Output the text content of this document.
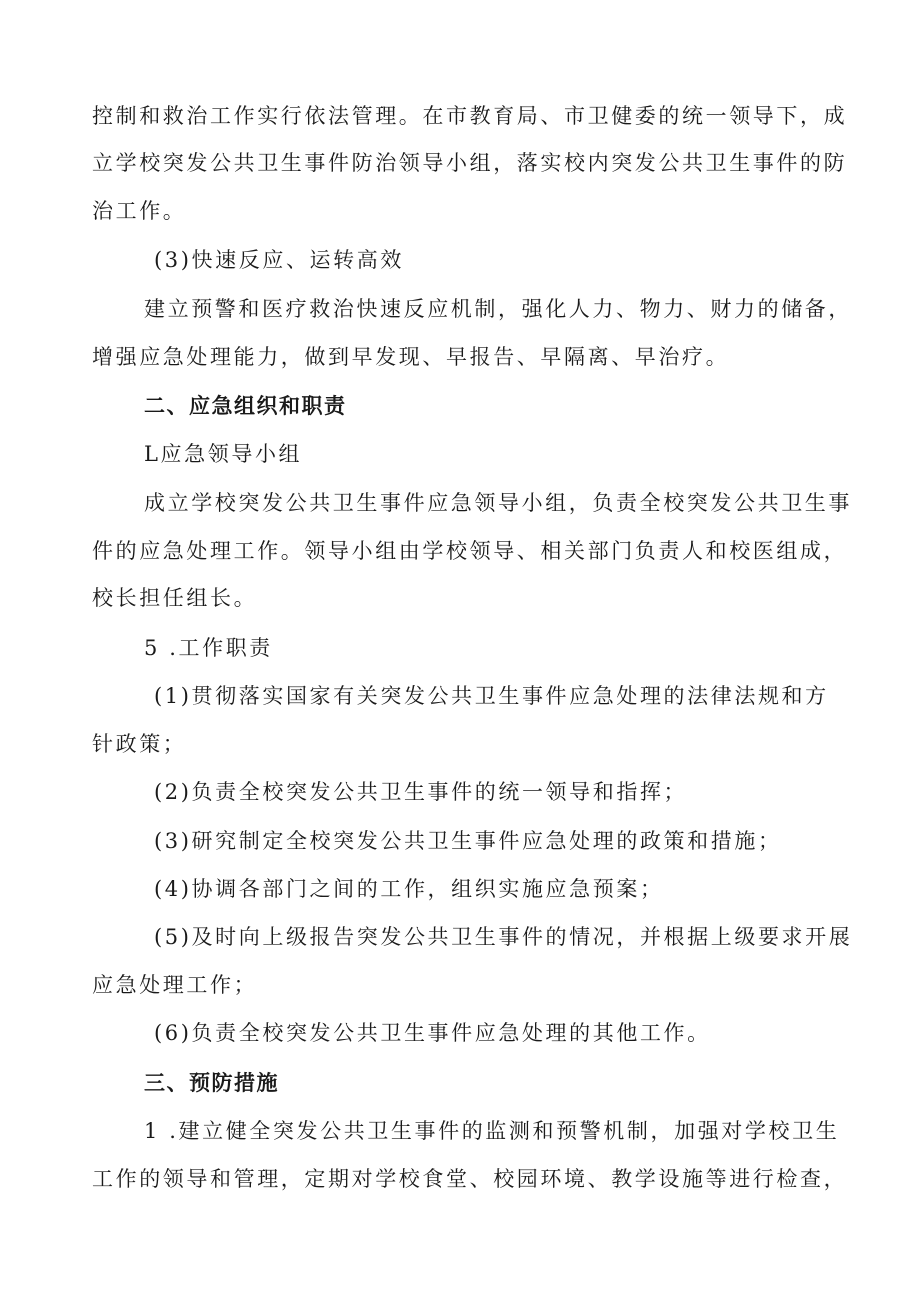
控制和救治工作实行依法管理。在市教育局、市卫健委的统一领导下，成
立学校突发公共卫生事件防治领导小组，落实校内突发公共卫生事件的防
治工作。
(3)快速反应、运转高效
建立预警和医疗救治快速反应机制，强化人力、物力、财力的储备，
增强应急处理能力，做到早发现、早报告、早隔离、早治疗。
二、应急组织和职责
L应急领导小组
成立学校突发公共卫生事件应急领导小组，负责全校突发公共卫生事
件的应急处理工作。领导小组由学校领导、相关部门负责人和校医组成，
校长担任组长。
5 .工作职责
(1)贯彻落实国家有关突发公共卫生事件应急处理的法律法规和方
针政策；
(2)负责全校突发公共卫生事件的统一领导和指挥；
(3)研究制定全校突发公共卫生事件应急处理的政策和措施；
(4)协调各部门之间的工作，组织实施应急预案；
(5)及时向上级报告突发公共卫生事件的情况，并根据上级要求开展
应急处理工作；
(6)负责全校突发公共卫生事件应急处理的其他工作。
三、预防措施
1 .建立健全突发公共卫生事件的监测和预警机制，加强对学校卫生
工作的领导和管理，定期对学校食堂、校园环境、教学设施等进行检查，
